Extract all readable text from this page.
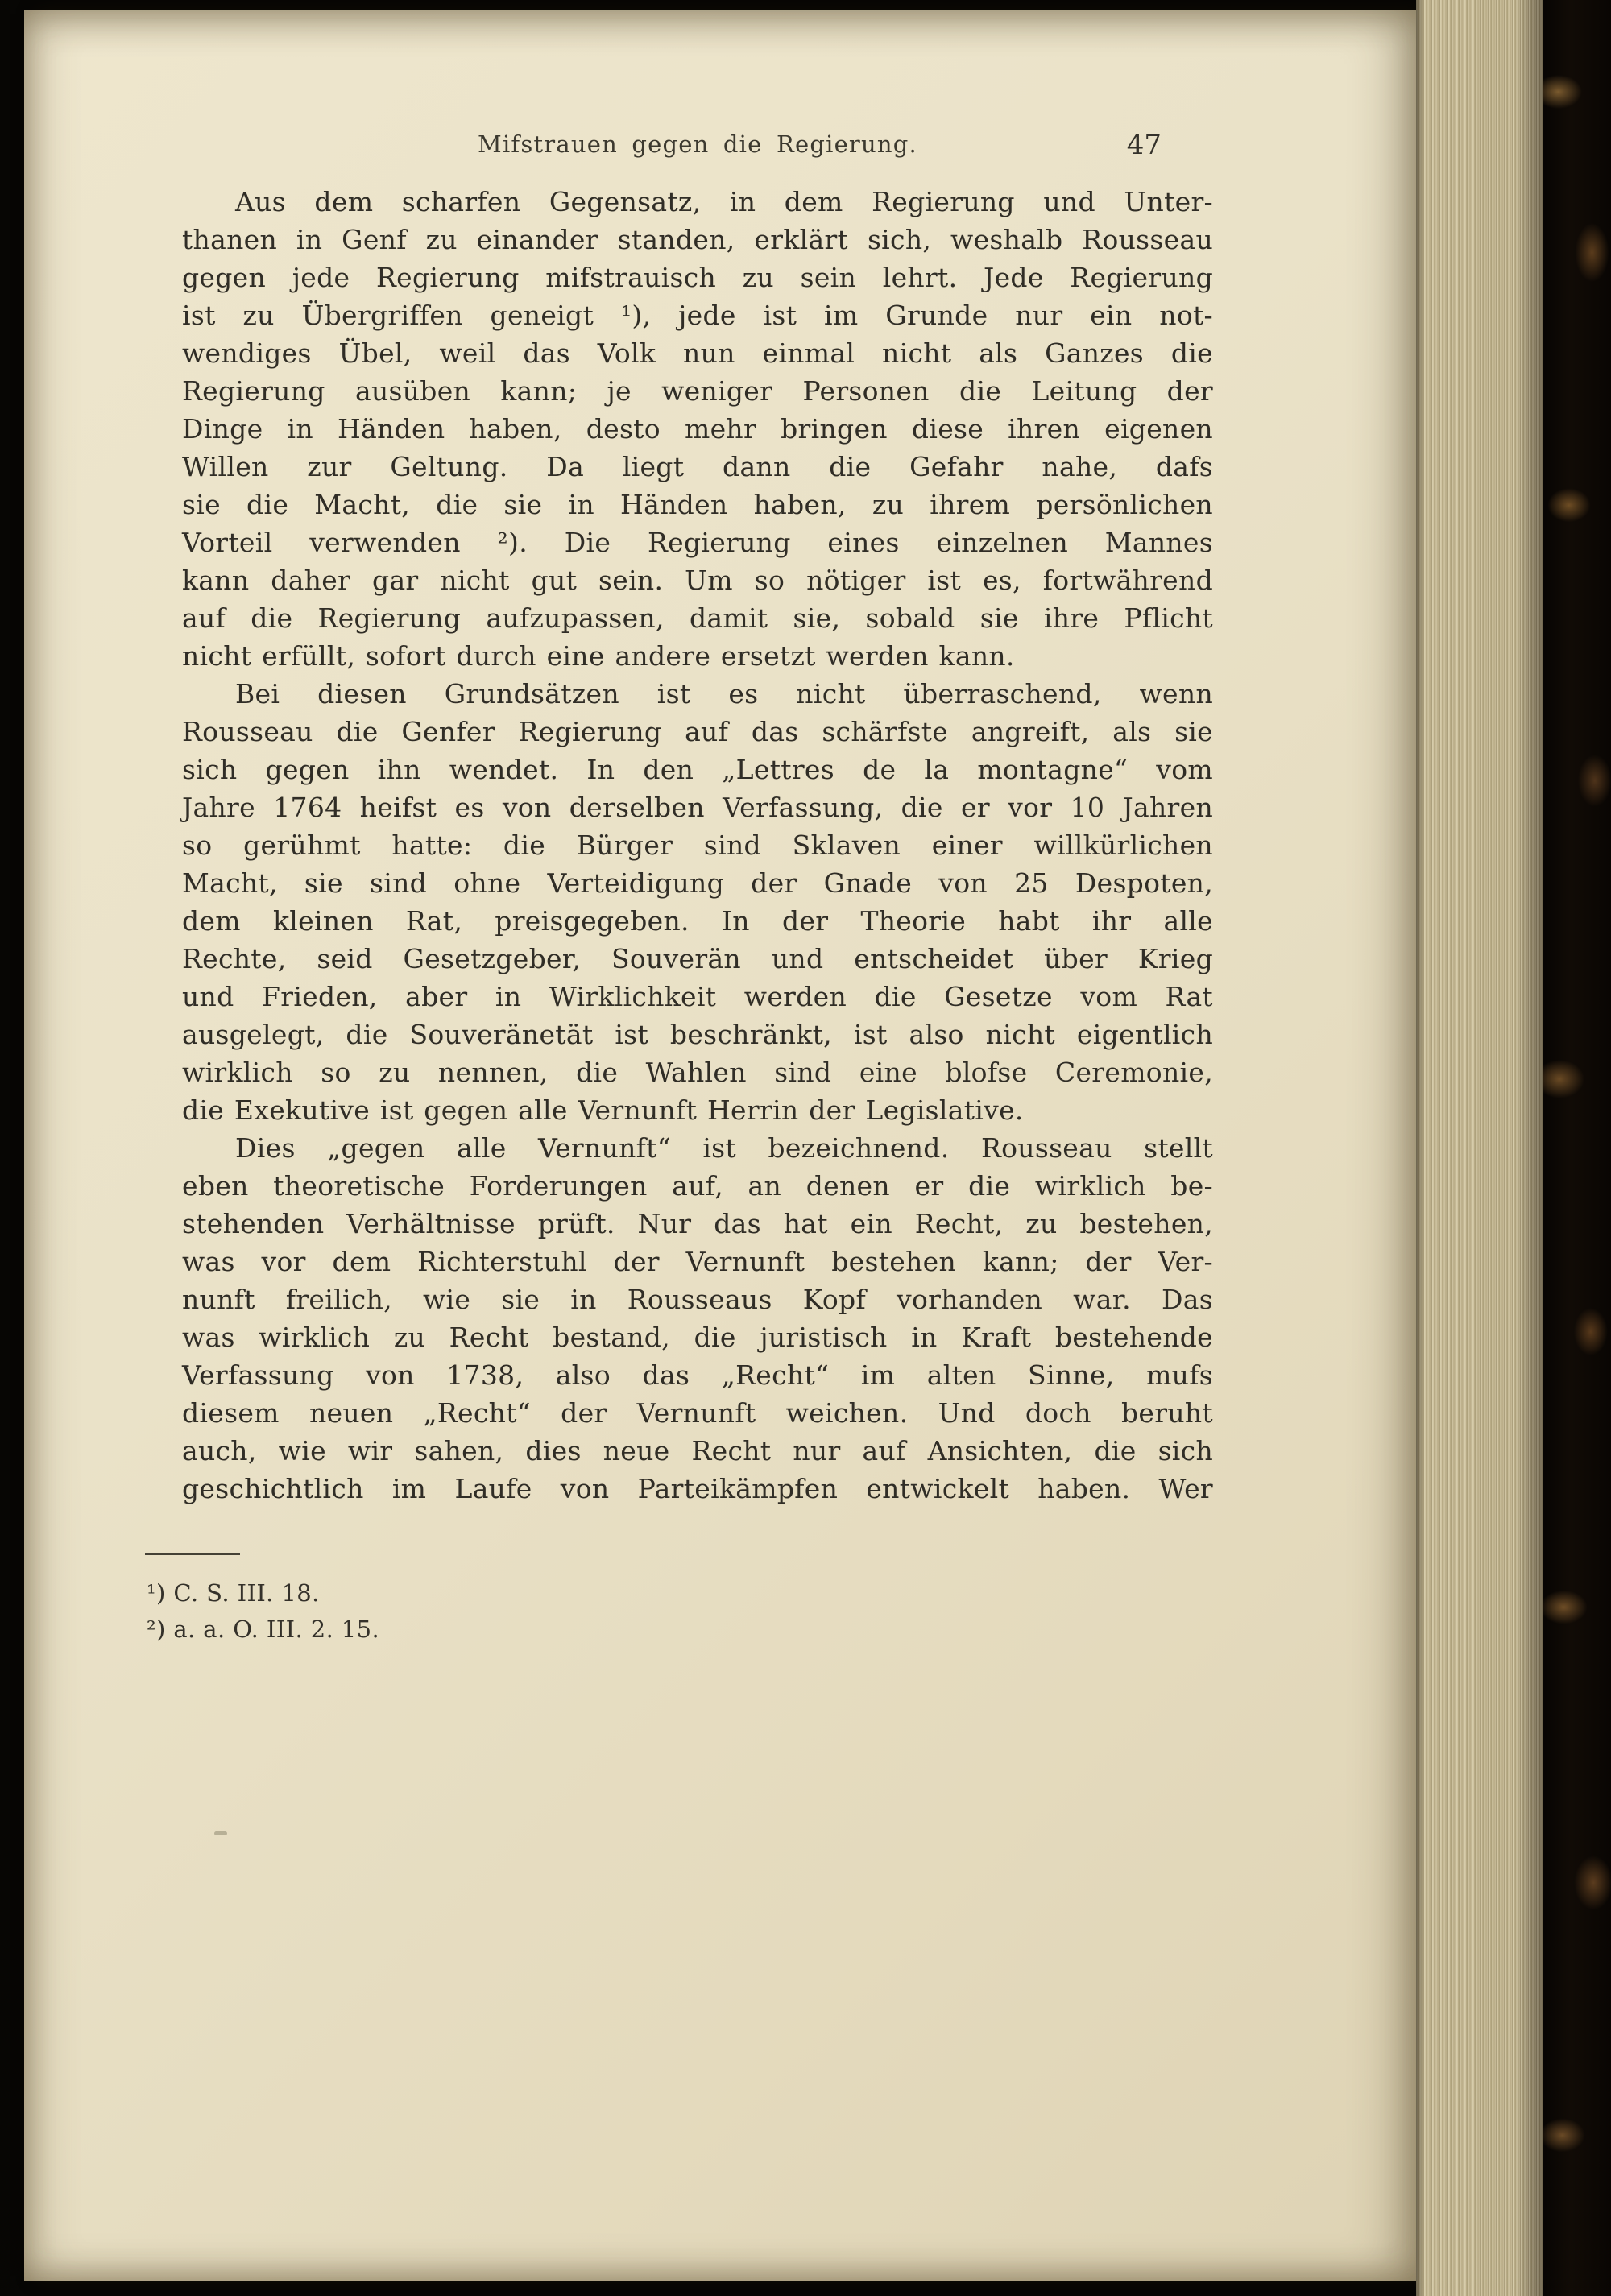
Mifstrauen gegen die Regierung.	47
Aus dem scharfen Gegensatz, in dem Regierung und Unter-
thanen in Genf zu einander standen, erklärt sich, weshalb Rousseau
gegen jede Regierung mifstrauisch zu sein lehrt. Jede Regierung
ist zu Übergriffen geneigt ¹), jede ist im Grunde nur ein not-
wendiges Übel, weil das Volk nun einmal nicht als Ganzes die
Regierung ausüben kann; je weniger Personen die Leitung der
Dinge in Händen haben, desto mehr bringen diese ihren eigenen
Willen zur Geltung. Da liegt dann die Gefahr nahe, dafs
sie die Macht, die sie in Händen haben, zu ihrem persönlichen
Vorteil verwenden ²). Die Regierung eines einzelnen Mannes
kann daher gar nicht gut sein. Um so nötiger ist es, fortwährend
auf die Regierung aufzupassen, damit sie, sobald sie ihre Pflicht
nicht erfüllt, sofort durch eine andere ersetzt werden kann.
Bei diesen Grundsätzen ist es nicht überraschend, wenn
Rousseau die Genfer Regierung auf das schärfste angreift, als sie
sich gegen ihn wendet. In den „Lettres de la montagne“ vom
Jahre 1764 heifst es von derselben Verfassung, die er vor 10 Jahren
so gerühmt hatte: die Bürger sind Sklaven einer willkürlichen
Macht, sie sind ohne Verteidigung der Gnade von 25 Despoten,
dem kleinen Rat, preisgegeben. In der Theorie habt ihr alle
Rechte, seid Gesetzgeber, Souverän und entscheidet über Krieg
und Frieden, aber in Wirklichkeit werden die Gesetze vom Rat
ausgelegt, die Souveränetät ist beschränkt, ist also nicht eigentlich
wirklich so zu nennen, die Wahlen sind eine blofse Ceremonie,
die Exekutive ist gegen alle Vernunft Herrin der Legislative.
Dies „gegen alle Vernunft“ ist bezeichnend. Rousseau stellt
eben theoretische Forderungen auf, an denen er die wirklich be-
stehenden Verhältnisse prüft. Nur das hat ein Recht, zu bestehen,
was vor dem Richterstuhl der Vernunft bestehen kann; der Ver-
nunft freilich, wie sie in Rousseaus Kopf vorhanden war. Das
was wirklich zu Recht bestand, die juristisch in Kraft bestehende
Verfassung von 1738, also das „Recht“ im alten Sinne, mufs
diesem neuen „Recht“ der Vernunft weichen. Und doch beruht
auch, wie wir sahen, dies neue Recht nur auf Ansichten, die sich
geschichtlich im Laufe von Parteikämpfen entwickelt haben. Wer
¹) C. S. III. 18.
²) a. a. O. III. 2. 15.
